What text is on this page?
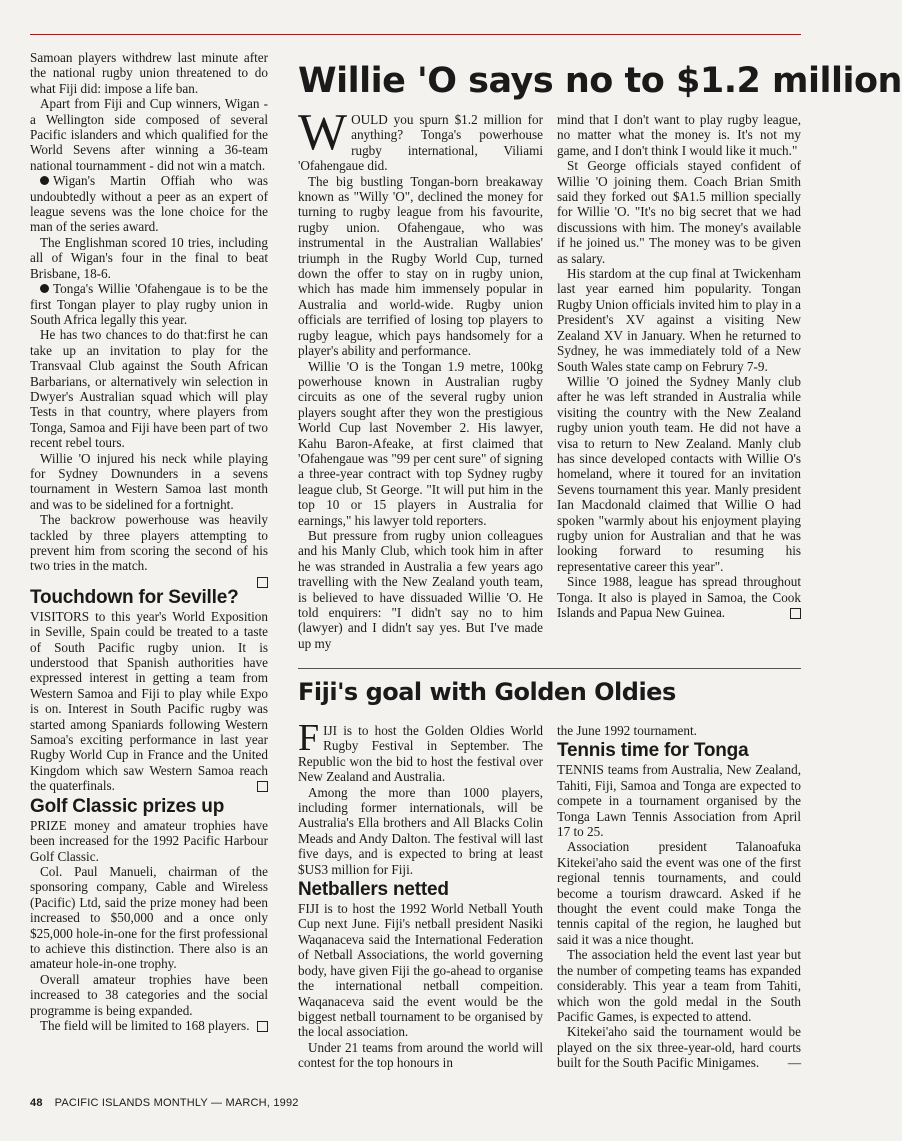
Samoan players withdrew last minute after the national rugby union threatened to do what Fiji did: impose a life ban.

Apart from Fiji and Cup winners, Wigan - a Wellington side composed of several Pacific islanders and which qualified for the World Sevens after winning a 36-team national tournamment - did not win a match.

Wigan's Martin Offiah who was undoubtedly without a peer as an expert of league sevens was the lone choice for the man of the series award.

The Englishman scored 10 tries, including all of Wigan's four in the final to beat Brisbane, 18-6.

Tonga's Willie 'Ofahengaue is to be the first Tongan player to play rugby union in South Africa legally this year.

He has two chances to do that:first he can take up an invitation to play for the Transvaal Club against the South African Barbarians, or alternatively win selection in Dwyer's Australian squad which will play Tests in that country, where players from Tonga, Samoa and Fiji have been part of two recent rebel tours.

Willie 'O injured his neck while playing for Sydney Downunders in a sevens tournament in Western Samoa last month and was to be sidelined for a fortnight.

The backrow powerhouse was heavily tackled by three players attempting to prevent him from scoring the second of his two tries in the match.

Touchdown for Seville?

VISITORS to this year's World Exposition in Seville, Spain could be treated to a taste of South Pacific rugby union. It is understood that Spanish authorities have expressed interest in getting a team from Western Samoa and Fiji to play while Expo is on. Interest in South Pacific rugby was started among Spaniards following Western Samoa's exciting performance in last year Rugby World Cup in France and the United Kingdom which saw Western Samoa reach the quaterfinals.

Golf Classic prizes up

PRIZE money and amateur trophies have been increased for the 1992 Pacific Harbour Golf Classic.

Col. Paul Manueli, chairman of the sponsoring company, Cable and Wireless (Pacific) Ltd, said the prize money had been increased to $50,000 and a once only $25,000 hole-in-one for the first professional to achieve this distinction. There also is an amateur hole-in-one trophy.

Overall amateur trophies have been increased to 38 categories and the social programme is being expanded.

The field will be limited to 168 players.

Willie 'O says no to $1.2 million

WOULD you spurn $1.2 million for anything? Tonga's powerhouse rugby international, Viliami 'Ofahengaue did.

The big bustling Tongan-born breakaway known as "Willy 'O", declined the money for turning to rugby league from his favourite, rugby union. Ofahengaue, who was instrumental in the Australian Wallabies' triumph in the Rugby World Cup, turned down the offer to stay on in rugby union, which has made him immensely popular in Australia and world-wide. Rugby union officials are terrified of losing top players to rugby league, which pays handsomely for a player's ability and performance.

Willie 'O is the Tongan 1.9 metre, 100kg powerhouse known in Australian rugby circuits as one of the several rugby union players sought after they won the prestigious World Cup last November 2. His lawyer, Kahu Baron-Afeake, at first claimed that 'Ofahengaue was "99 per cent sure" of signing a three-year contract with top Sydney rugby league club, St George. "It will put him in the top 10 or 15 players in Australia for earnings," his lawyer told reporters.

But pressure from rugby union colleagues and his Manly Club, which took him in after he was stranded in Australia a few years ago travelling with the New Zealand youth team, is believed to have dissuaded Willie 'O. He told enquirers: "I didn't say no to him (lawyer) and I didn't say yes. But I've made up my

mind that I don't want to play rugby league, no matter what the money is. It's not my game, and I don't think I would like it much."

St George officials stayed confident of Willie 'O joining them. Coach Brian Smith said they forked out $A1.5 million specially for Willie 'O. "It's no big secret that we had discussions with him. The money's available if he joined us." The money was to be given as salary.

His stardom at the cup final at Twickenham last year earned him popularity. Tongan Rugby Union officials invited him to play in a President's XV against a visiting New Zealand XV in January. When he returned to Sydney, he was immediately told of a New South Wales state camp on Februry 7-9.

Willie 'O joined the Sydney Manly club after he was left stranded in Australia while visiting the country with the New Zealand rugby union youth team. He did not have a visa to return to New Zealand. Manly club has since developed contacts with Willie O's homeland, where it toured for an invitation Sevens tournament this year. Manly president Ian Macdonald claimed that Willie O had spoken "warmly about his enjoyment playing rugby union for Australian and that he was looking forward to resuming his representative career this year".

Since 1988, league has spread throughout Tonga. It also is played in Samoa, the Cook Islands and Papua New Guinea.

Fiji's goal with Golden Oldies

FIJI is to host the Golden Oldies World Rugby Festival in September. The Republic won the bid to host the festival over New Zealand and Australia.

Among the more than 1000 players, including former internationals, will be Australia's Ella brothers and All Blacks Colin Meads and Andy Dalton. The festival will last five days, and is expected to bring at least $US3 million for Fiji.

Netballers netted

FIJI is to host the 1992 World Netball Youth Cup next June. Fiji's netball president Nasiki Waqanaceva said the International Federation of Netball Associations, the world governing body, have given Fiji the go-ahead to organise the international netball compeition. Waqanaceva said the event would be the biggest netball tournament to be organised by the local association.

Under 21 teams from around the world will contest for the top honours in

the June 1992 tournament.

Tennis time for Tonga

TENNIS teams from Australia, New Zealand, Tahiti, Fiji, Samoa and Tonga are expected to compete in a tournament organised by the Tonga Lawn Tennis Association from April 17 to 25.

Association president Talanoafuka Kitekei'aho said the event was one of the first regional tennis tournaments, and could become a tourism drawcard. Asked if he thought the event could make Tonga the tennis capital of the region, he laughed but said it was a nice thought.

The association held the event last year but the number of competing teams has expanded considerably. This year a team from Tahiti, which won the gold medal in the South Pacific Games, is expected to attend.

Kitekei'aho said the tournament would be played on the six three-year-old, hard courts built for the South Pacific Minigames.	—

48 PACIFIC ISLANDS MONTHLY — MARCH, 1992
